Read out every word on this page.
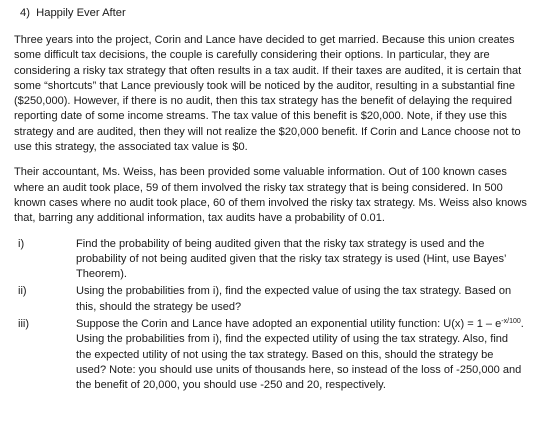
4)  Happily Ever After

Three years into the project, Corin and Lance have decided to get married. Because this union creates some difficult tax decisions, the couple is carefully considering their options. In particular, they are considering a risky tax strategy that often results in a tax audit. If their taxes are audited, it is certain that some “shortcuts” that Lance previously took will be noticed by the auditor, resulting in a substantial fine ($250,000). However, if there is no audit, then this tax strategy has the benefit of delaying the required reporting date of some income streams. The tax value of this benefit is $20,000. Note, if they use this strategy and are audited, then they will not realize the $20,000 benefit. If Corin and Lance choose not to use this strategy, the associated tax value is $0.

Their accountant, Ms. Weiss, has been provided some valuable information. Out of 100 known cases where an audit took place, 59 of them involved the risky tax strategy that is being considered. In 500 known cases where no audit took place, 60 of them involved the risky tax strategy. Ms. Weiss also knows that, barring any additional information, tax audits have a probability of 0.01.

i)	Find the probability of being audited given that the risky tax strategy is used and the probability of not being audited given that the risky tax strategy is used (Hint, use Bayes’ Theorem).
ii)	Using the probabilities from i), find the expected value of using the tax strategy. Based on this, should the strategy be used?
iii)	Suppose the Corin and Lance have adopted an exponential utility function: $U(x) = 1 - e^{-x/100}$. Using the probabilities from i), find the expected utility of using the tax strategy. Also, find the expected utility of not using the tax strategy. Based on this, should the strategy be used? Note: you should use units of thousands here, so instead of the loss of -250,000 and the benefit of 20,000, you should use -250 and 20, respectively.
